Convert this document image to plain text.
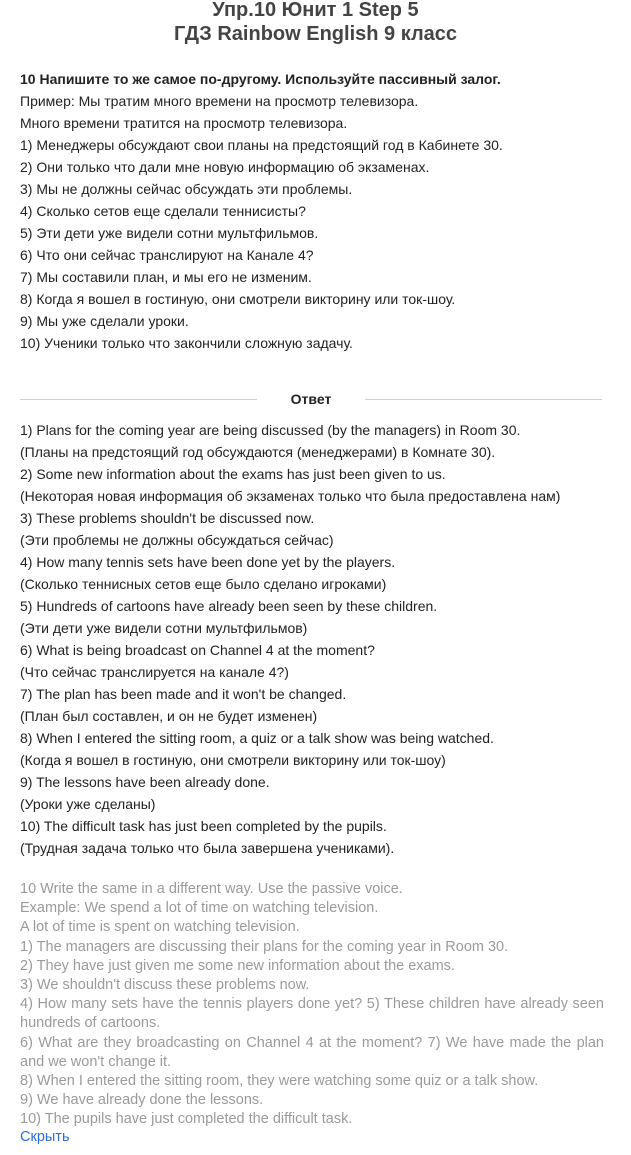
Упр.10 Юнит 1 Step 5
ГДЗ Rainbow English 9 класс
10 Напишите то же самое по-другому. Используйте пассивный залог.
Пример: Мы тратим много времени на просмотр телевизора.
Много времени тратится на просмотр телевизора.
1) Менеджеры обсуждают свои планы на предстоящий год в Кабинете 30.
2) Они только что дали мне новую информацию об экзаменах.
3) Мы не должны сейчас обсуждать эти проблемы.
4) Сколько сетов еще сделали теннисисты?
5) Эти дети уже видели сотни мультфильмов.
6) Что они сейчас транслируют на Канале 4?
7) Мы составили план, и мы его не изменим.
8) Когда я вошел в гостиную, они смотрели викторину или ток-шоу.
9) Мы уже сделали уроки.
10) Ученики только что закончили сложную задачу.
Ответ
1) Plans for the coming year are being discussed (by the managers) in Room 30.
(Планы на предстоящий год обсуждаются (менеджерами) в Комнате 30).
2) Some new information about the exams has just been given to us.
(Некоторая новая информация об экзаменах только что была предоставлена нам)
3) These problems shouldn't be discussed now.
(Эти проблемы не должны обсуждаться сейчас)
4) How many tennis sets have been done yet by the players.
(Сколько теннисных сетов еще было сделано игроками)
5) Hundreds of cartoons have already been seen by these children.
(Эти дети уже видели сотни мультфильмов)
6) What is being broadcast on Channel 4 at the moment?
(Что сейчас транслируется на канале 4?)
7) The plan has been made and it won't be changed.
(План был составлен, и он не будет изменен)
8) When I entered the sitting room, a quiz or a talk show was being watched.
(Когда я вошел в гостиную, они смотрели викторину или ток-шоу)
9) The lessons have been already done.
(Уроки уже сделаны)
10) The difficult task has just been completed by the pupils.
(Трудная задача только что была завершена учениками).
10 Write the same in a different way. Use the passive voice.
Example: We spend a lot of time on watching television.
A lot of time is spent on watching television.
1) The managers are discussing their plans for the coming year in Room 30.
2) They have just given me some new information about the exams.
3) We shouldn't discuss these problems now.
4) How many sets have the tennis players done yet? 5) These children have already seen hundreds of cartoons.
6) What are they broadcasting on Channel 4 at the moment? 7) We have made the plan and we won't change it.
8) When I entered the sitting room, they were watching some quiz or a talk show.
9) We have already done the lessons.
10) The pupils have just completed the difficult task.
Скрыть
